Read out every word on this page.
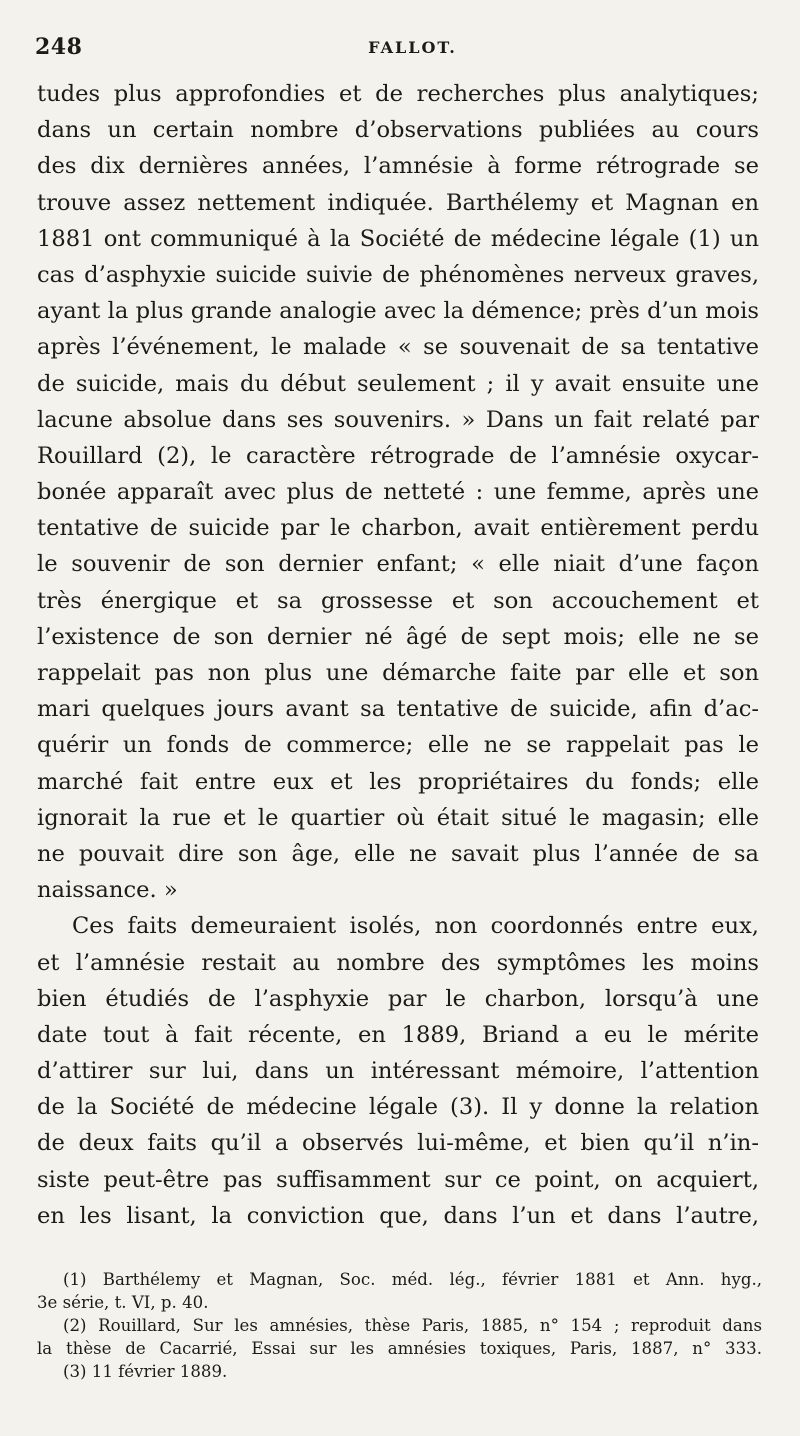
248	FALLOT.
tudes plus approfondies et de recherches plus analytiques;
dans un certain nombre d’observations publiées au cours
des dix dernières années, l’amnésie à forme rétrograde se
trouve assez nettement indiquée. Barthélemy et Magnan en
1881 ont communiqué à la Société de médecine légale (1) un
cas d’asphyxie suicide suivie de phénomènes nerveux graves,
ayant la plus grande analogie avec la démence; près d’un mois
après l’événement, le malade « se souvenait de sa tentative
de suicide, mais du début seulement ; il y avait ensuite une
lacune absolue dans ses souvenirs. » Dans un fait relaté par
Rouillard (2), le caractère rétrograde de l’amnésie oxycar-
bonée apparaît avec plus de netteté : une femme, après une
tentative de suicide par le charbon, avait entièrement perdu
le souvenir de son dernier enfant; « elle niait d’une façon
très énergique et sa grossesse et son accouchement et
l’existence de son dernier né âgé de sept mois; elle ne se
rappelait pas non plus une démarche faite par elle et son
mari quelques jours avant sa tentative de suicide, afin d’ac-
quérir un fonds de commerce; elle ne se rappelait pas le
marché fait entre eux et les propriétaires du fonds; elle
ignorait la rue et le quartier où était situé le magasin; elle
ne pouvait dire son âge, elle ne savait plus l’année de sa
naissance. »
Ces faits demeuraient isolés, non coordonnés entre eux,
et l’amnésie restait au nombre des symptômes les moins
bien étudiés de l’asphyxie par le charbon, lorsqu’à une
date tout à fait récente, en 1889, Briand a eu le mérite
d’attirer sur lui, dans un intéressant mémoire, l’attention
de la Société de médecine légale (3). Il y donne la relation
de deux faits qu’il a observés lui-même, et bien qu’il n’in-
siste peut-être pas suffisamment sur ce point, on acquiert,
en les lisant, la conviction que, dans l’un et dans l’autre,
(1) Barthélemy et Magnan, Soc. méd. lég., février 1881 et Ann. hyg.,
3e série, t. VI, p. 40.
(2) Rouillard, Sur les amnésies, thèse Paris, 1885, n° 154 ; reproduit dans
la thèse de Cacarrié, Essai sur les amnésies toxiques, Paris, 1887, n° 333.
(3) 11 février 1889.
